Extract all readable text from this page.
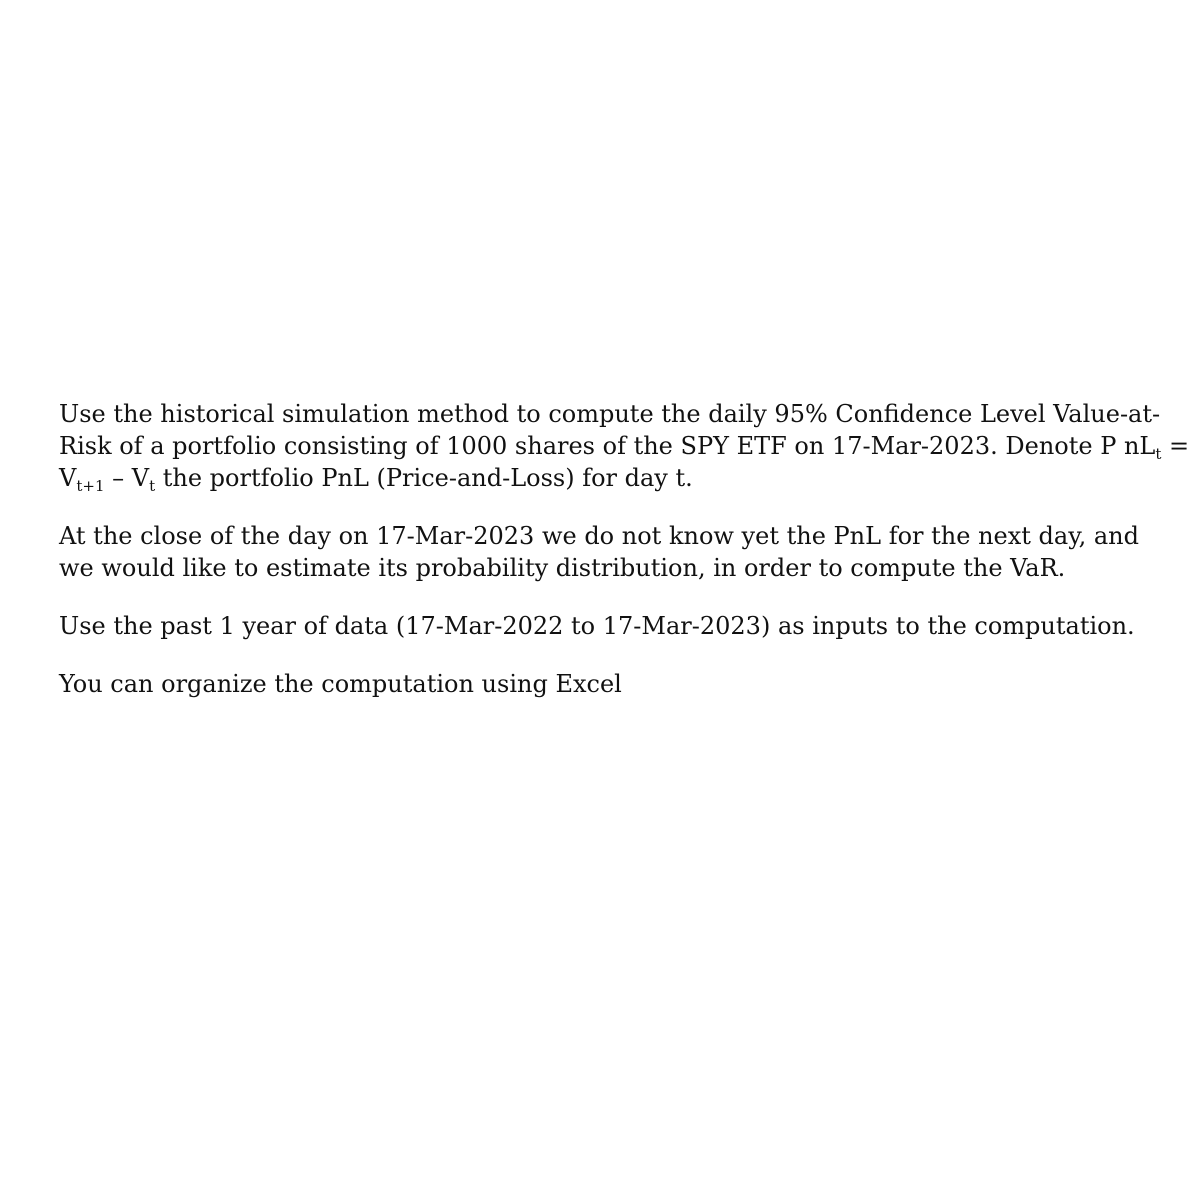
Use the historical simulation method to compute the daily 95% Confidence Level Value-at-
Risk of a portfolio consisting of 1000 shares of the SPY ETF on 17-Mar-2023. Denote P $nL_t$ =
$V_{t+1} - V_t$ the portfolio PnL (Price-and-Loss) for day t.
At the close of the day on 17-Mar-2023 we do not know yet the PnL for the next day, and
we would like to estimate its probability distribution, in order to compute the VaR.
Use the past 1 year of data (17-Mar-2022 to 17-Mar-2023) as inputs to the computation.
You can organize the computation using Excel
